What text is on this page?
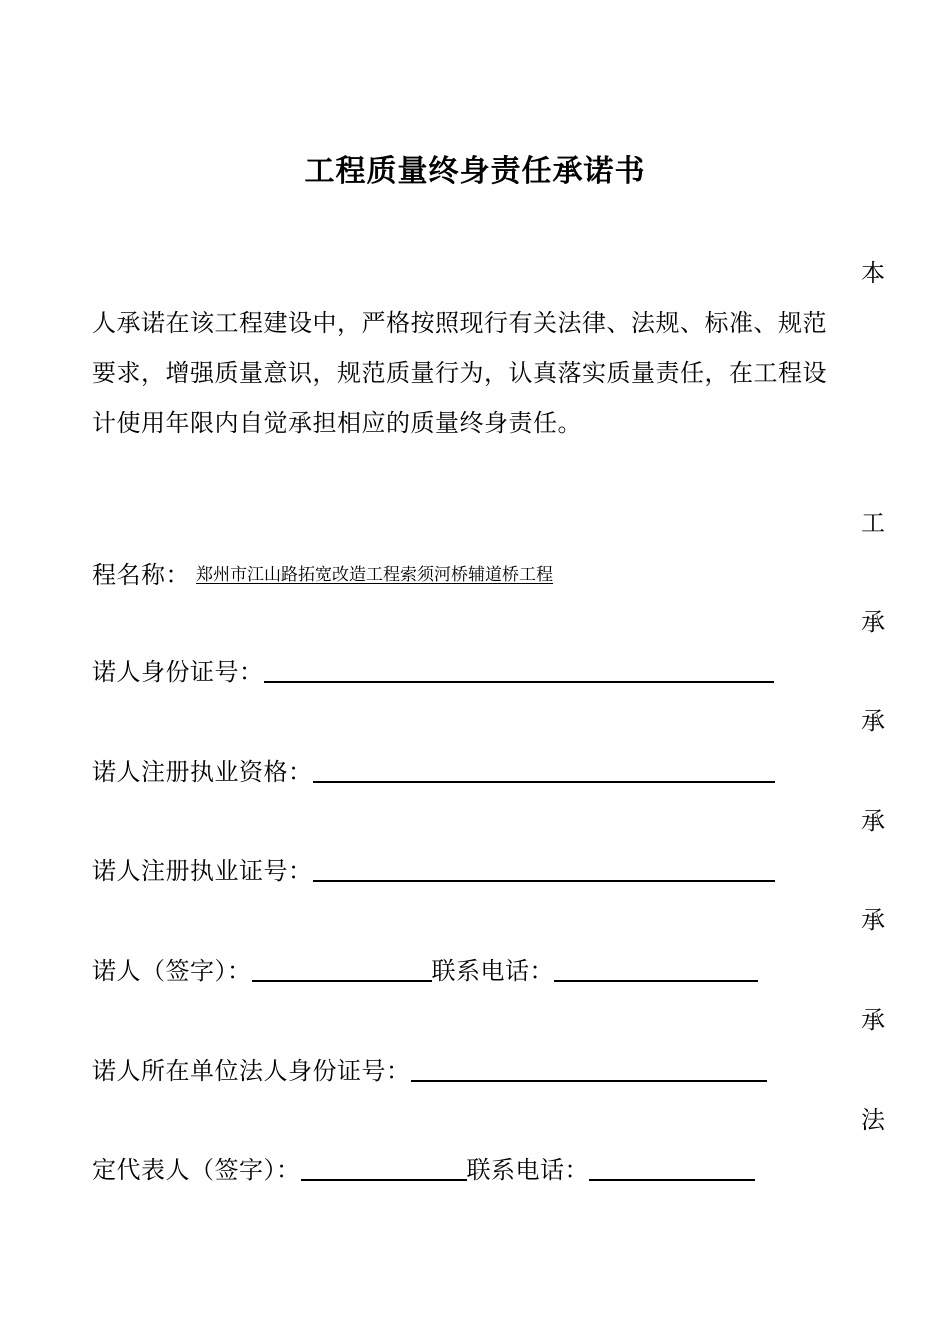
工程质量终身责任承诺书
本
人承诺在该工程建设中，严格按照现行有关法律、法规、标准、规范
要求，增强质量意识，规范质量行为，认真落实质量责任，在工程设
计使用年限内自觉承担相应的质量终身责任。
工
程名称： 郑州市江山路拓宽改造工程索须河桥辅道桥工程
承
诺人身份证号：
承
诺人注册执业资格：
承
诺人注册执业证号：
承
诺人（签字）：	联系电话：
承
诺人所在单位法人身份证号：
法
定代表人（签字）：	联系电话：
